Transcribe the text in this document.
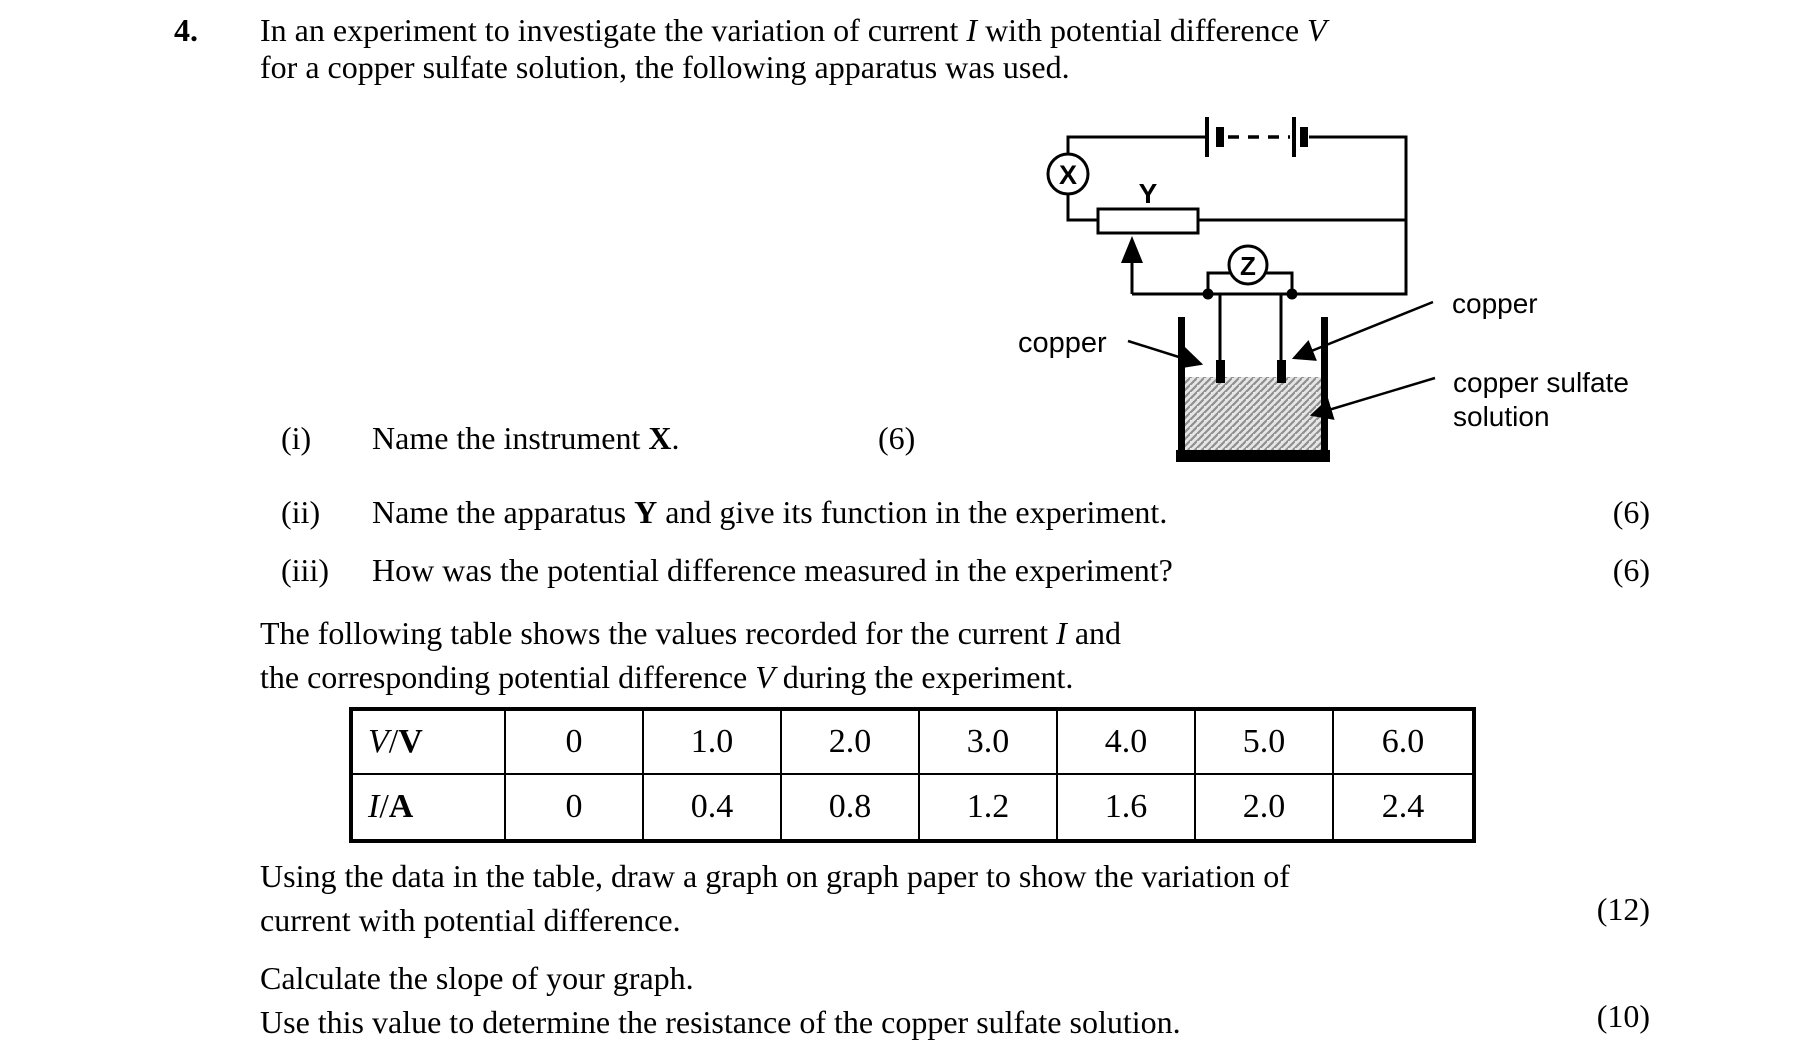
4. In an experiment to investigate the variation of current I with potential difference V
for a copper sulfate solution, the following apparatus was used.
X
Y
Z
copper
copper
copper sulfate
solution
(i) Name the instrument X.	(6)
(ii) Name the apparatus Y and give its function in the experiment.	(6)
(iii) How was the potential difference measured in the experiment?	(6)
The following table shows the values recorded for the current I and
the corresponding potential difference V during the experiment.
V / V	0	1.0	2.0	3.0	4.0	5.0	6.0
I / A	0	0.4	0.8	1.2	1.6	2.0	2.4
Using the data in the table, draw a graph on graph paper to show the variation of
current with potential difference.	(12)
Calculate the slope of your graph.
Use this value to determine the resistance of the copper sulfate solution.	(10)
